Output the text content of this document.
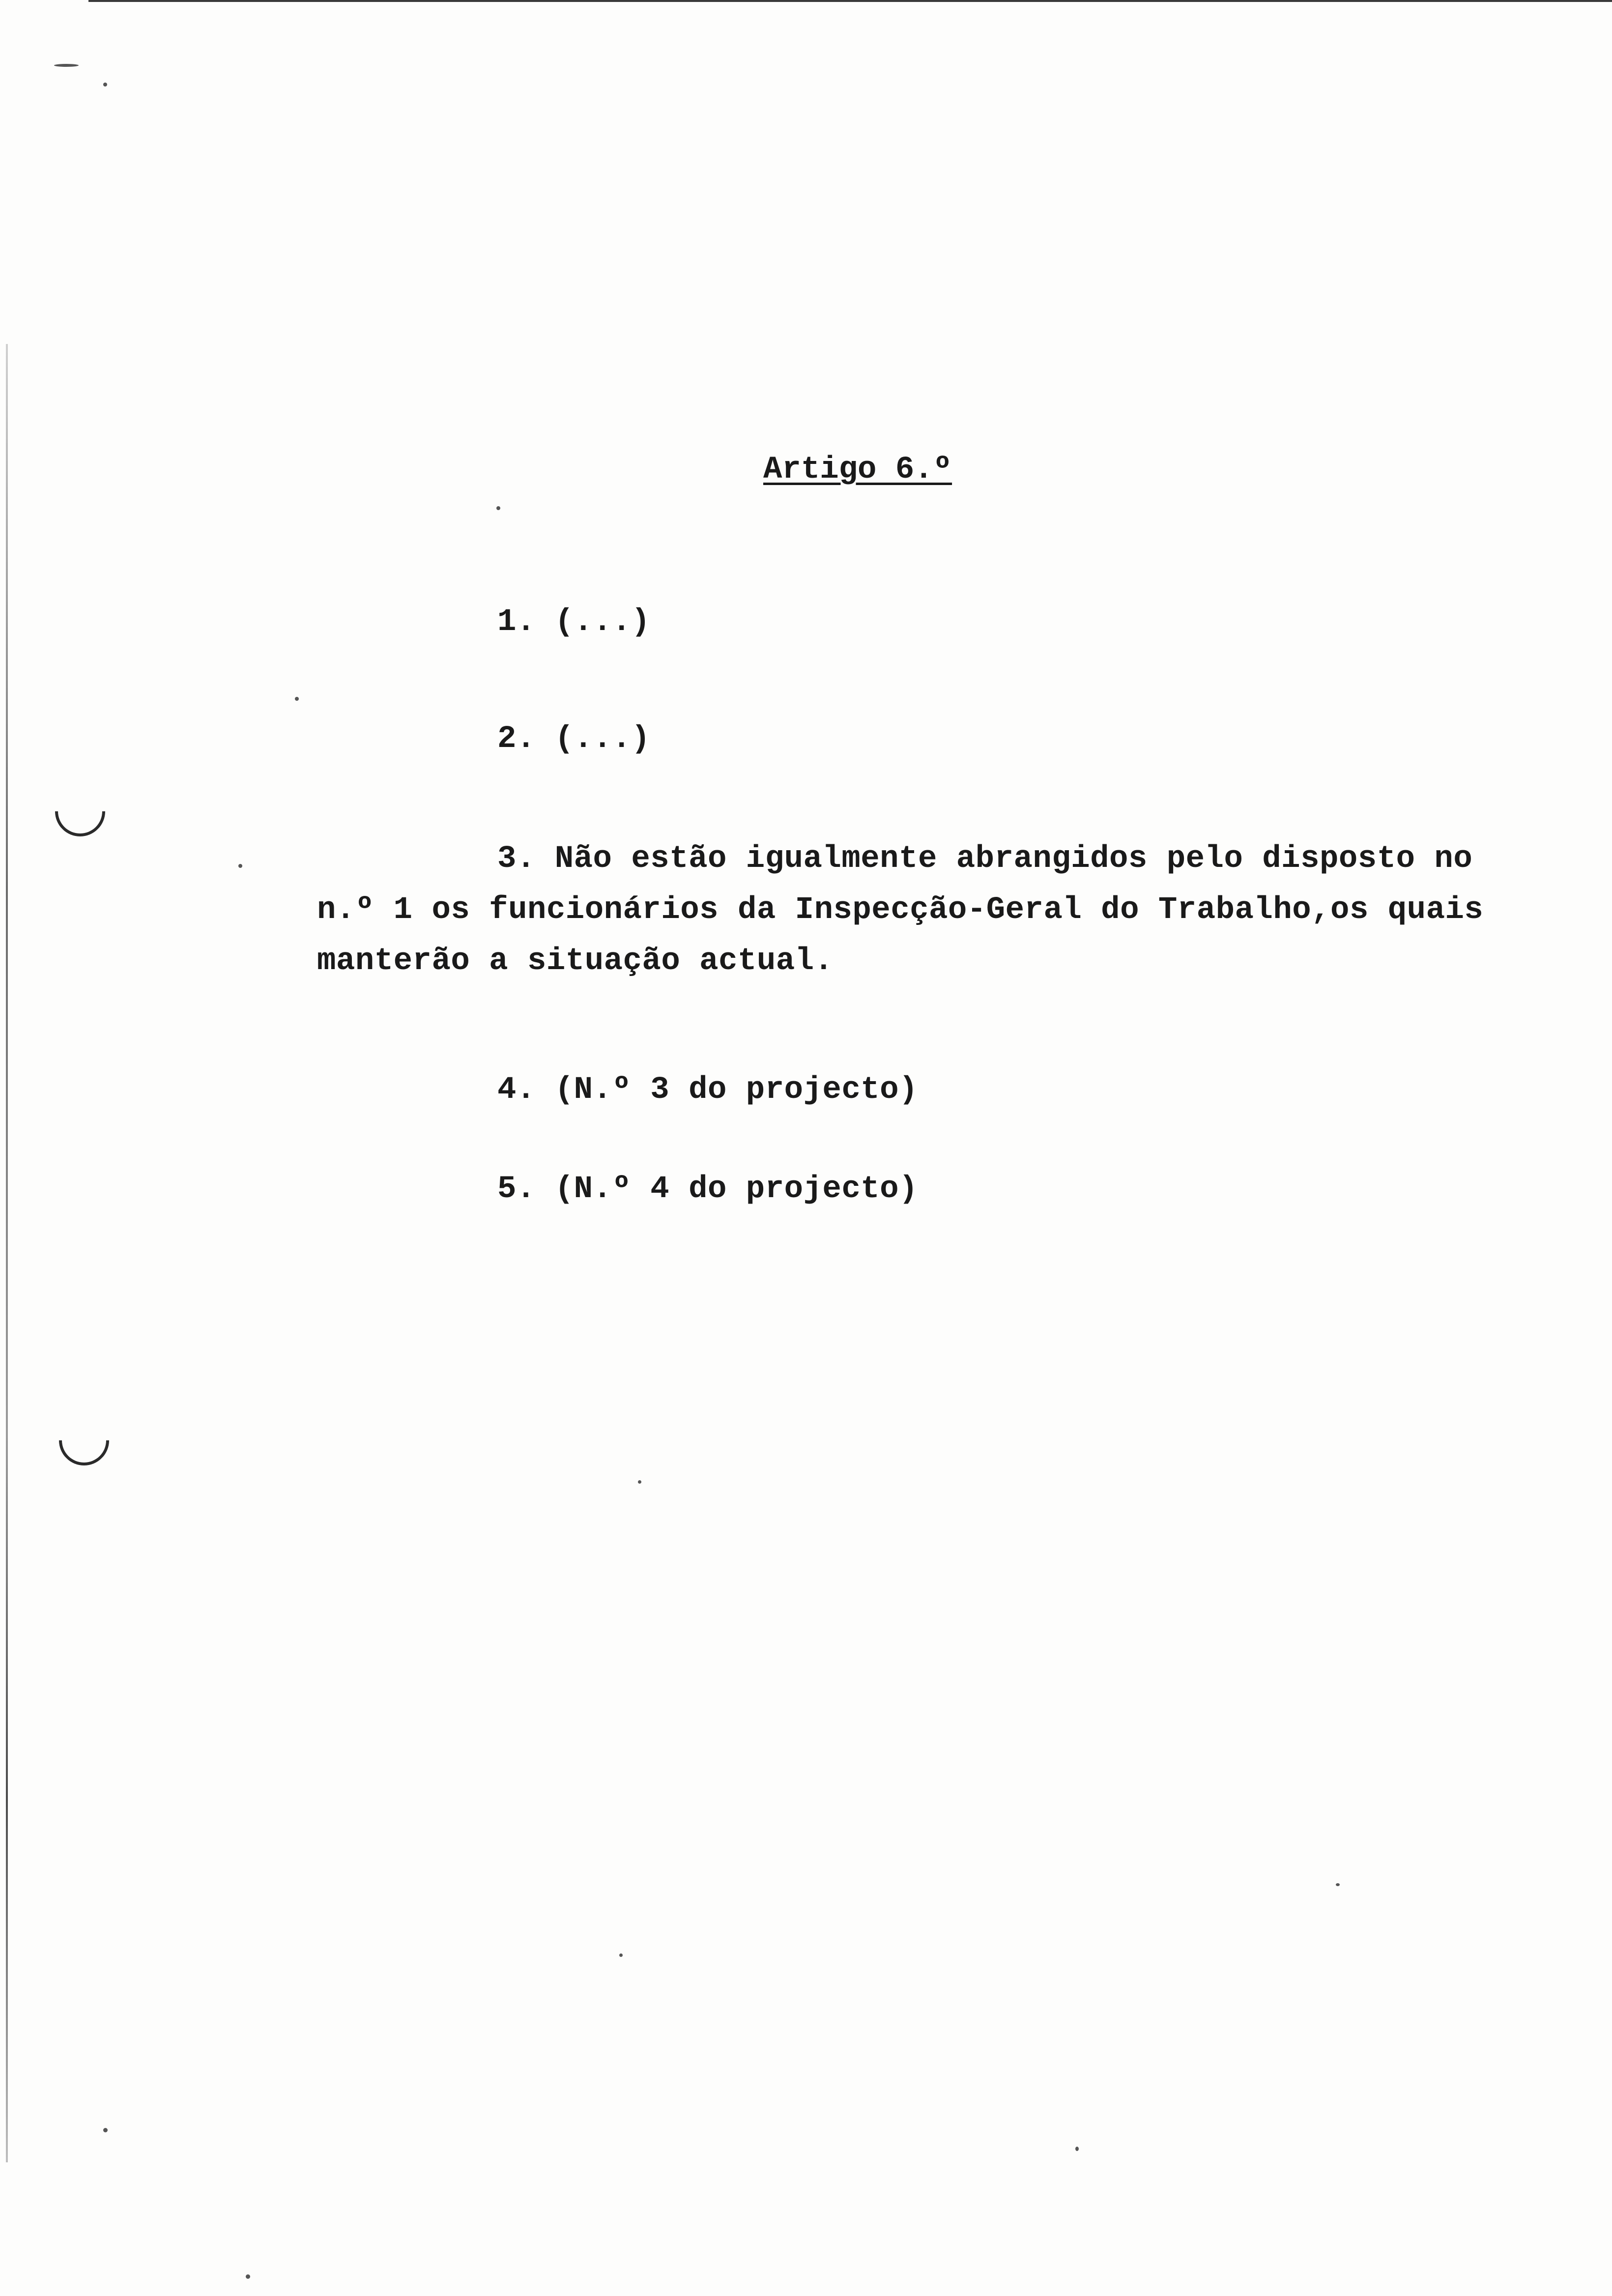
Artigo 6.º
1. (...)
2. (...)
3. Não estão igualmente abrangidos pelo disposto no
n.º 1 os funcionários da Inspecção-Geral do Trabalho,os quais
manterão a situação actual.
4. (N.º 3 do projecto)
5. (N.º 4 do projecto)
